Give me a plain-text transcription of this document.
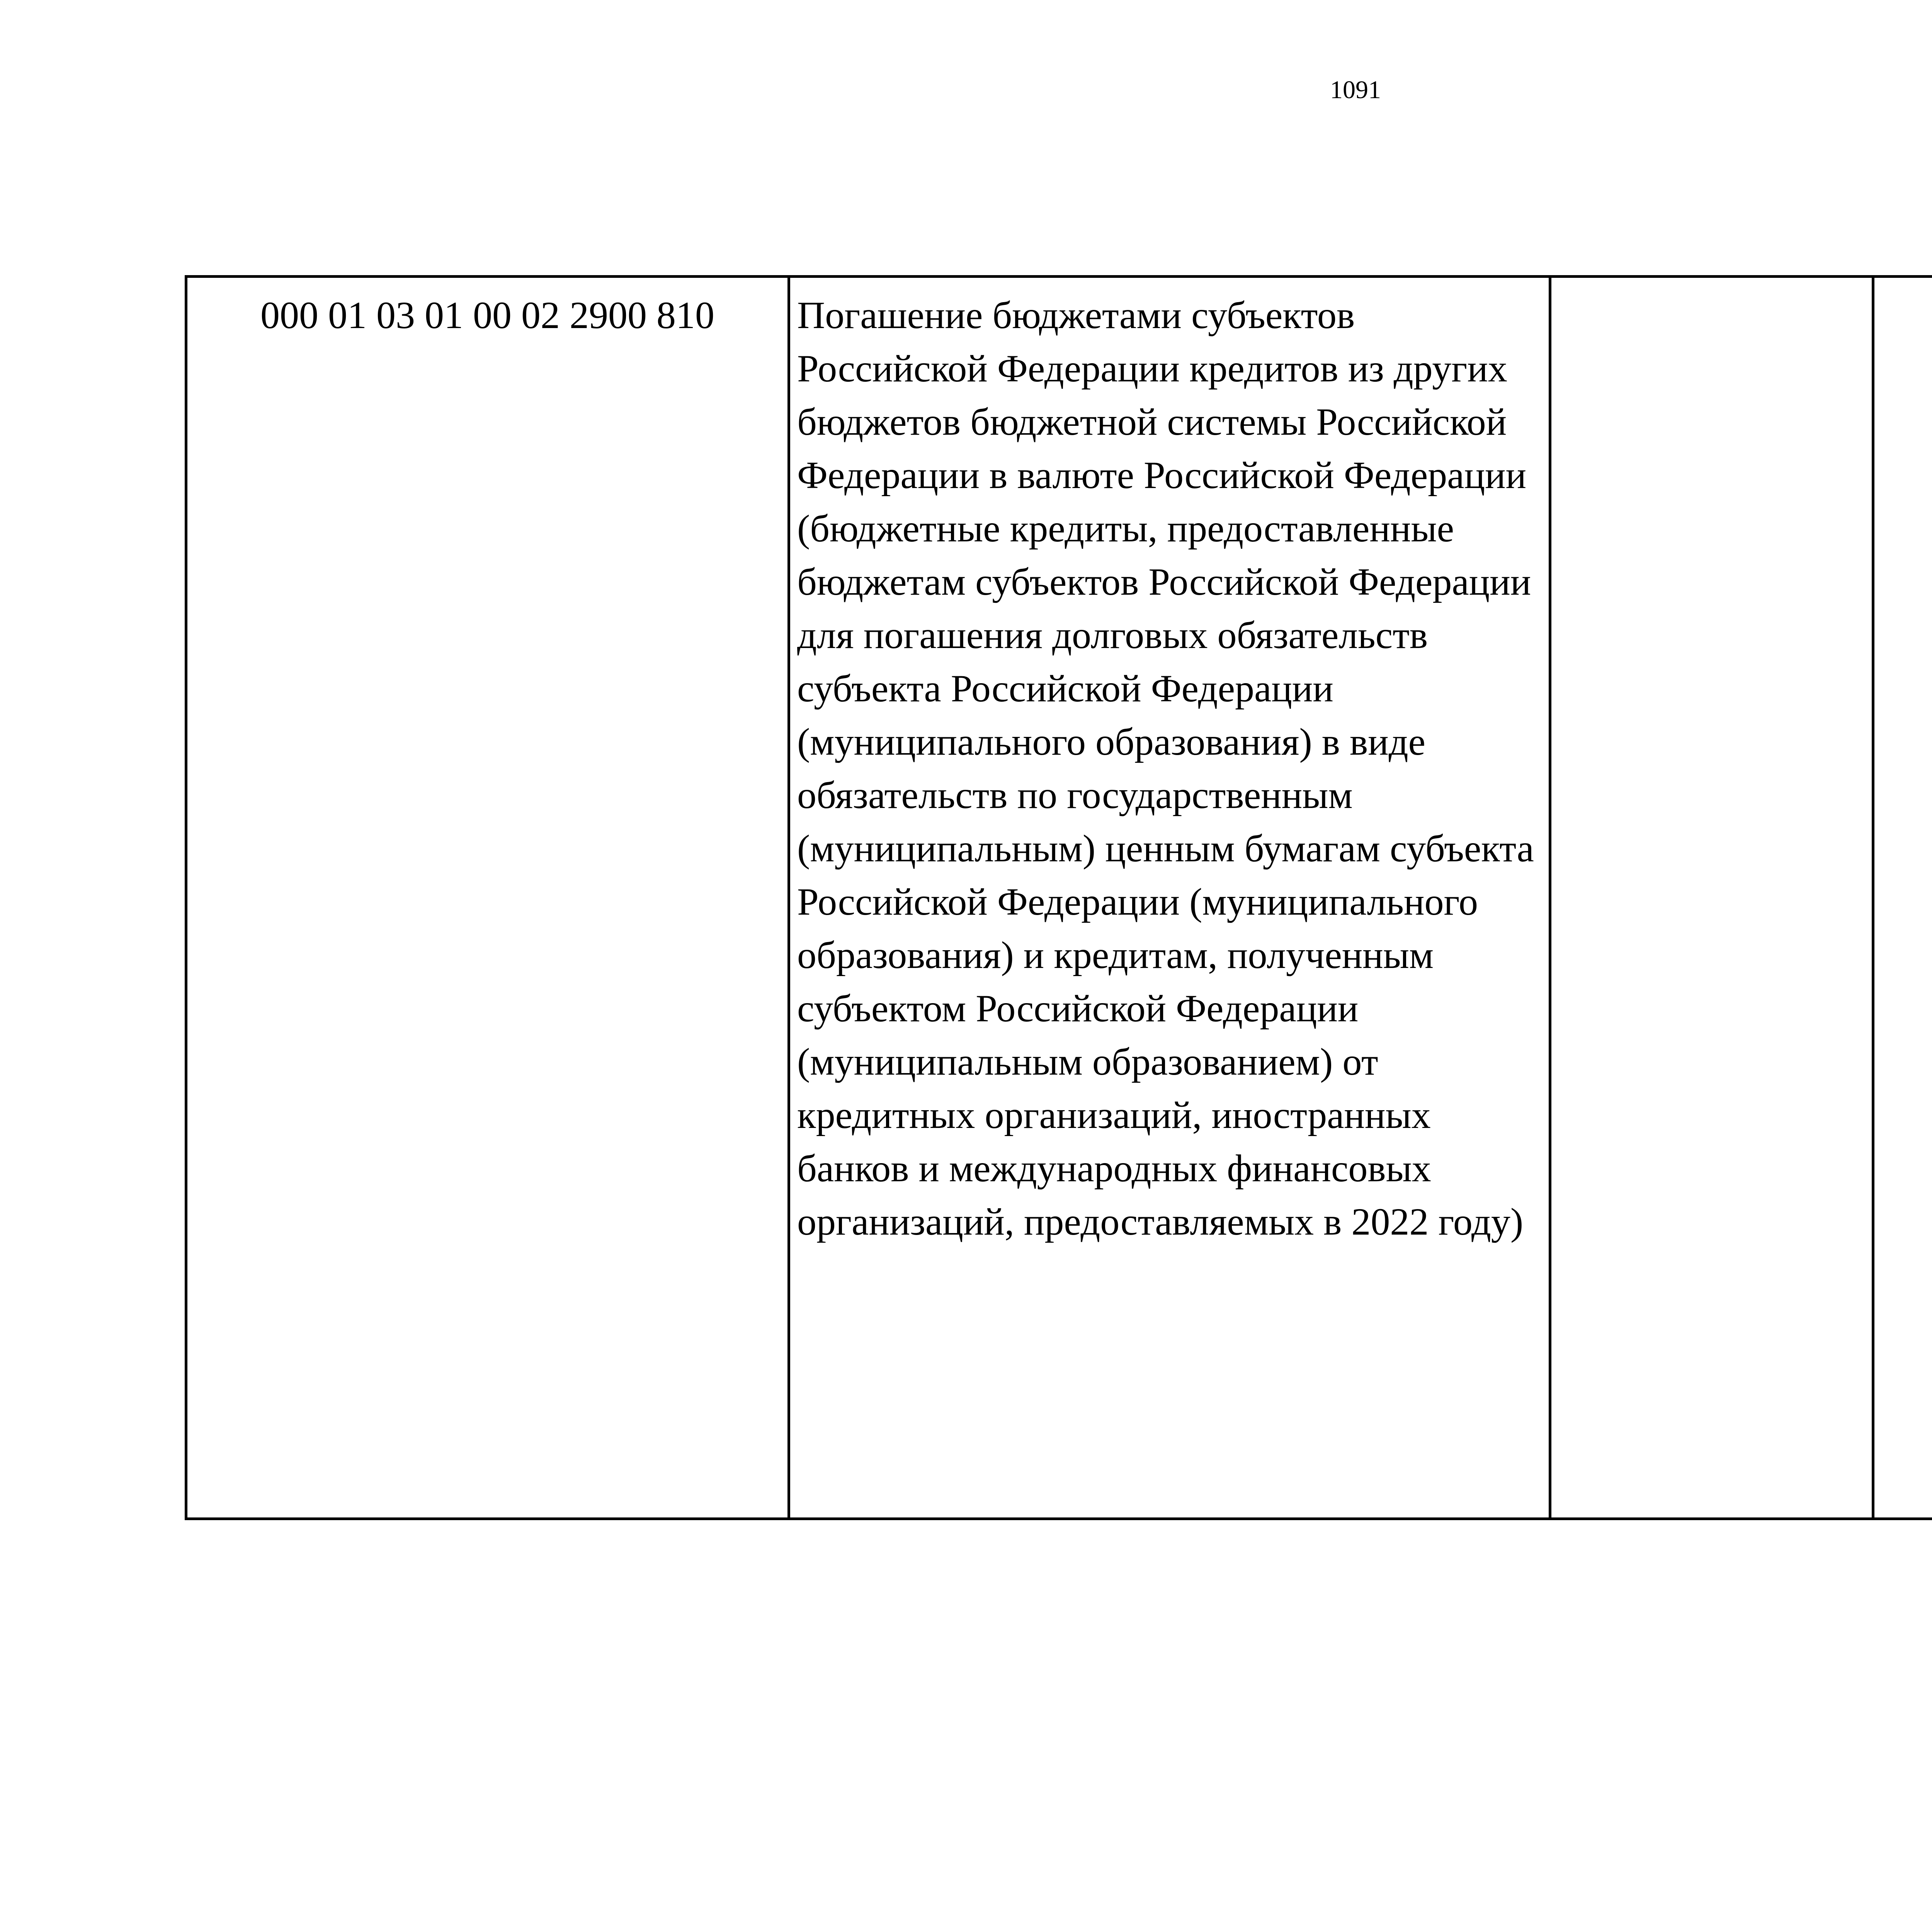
1091
000 01 03 01 00 02 2900 810	Погашение бюджетами субъектов Российской Федерации кредитов из других бюджетов бюджетной системы Российской Федерации в валюте Российской Федерации (бюджетные кредиты, предоставленные бюджетам субъектов Российской Федерации для погашения долговых обязательств субъекта Российской Федерации (муниципального образования) в виде обязательств по государственным (муниципальным) ценным бумагам субъекта Российской Федерации (муниципального образования) и кредитам, полученным субъектом Российской Федерации (муниципальным образованием) от кредитных организаций, иностранных банков и международных финансовых организаций, предоставляемых в 2022 году)			
